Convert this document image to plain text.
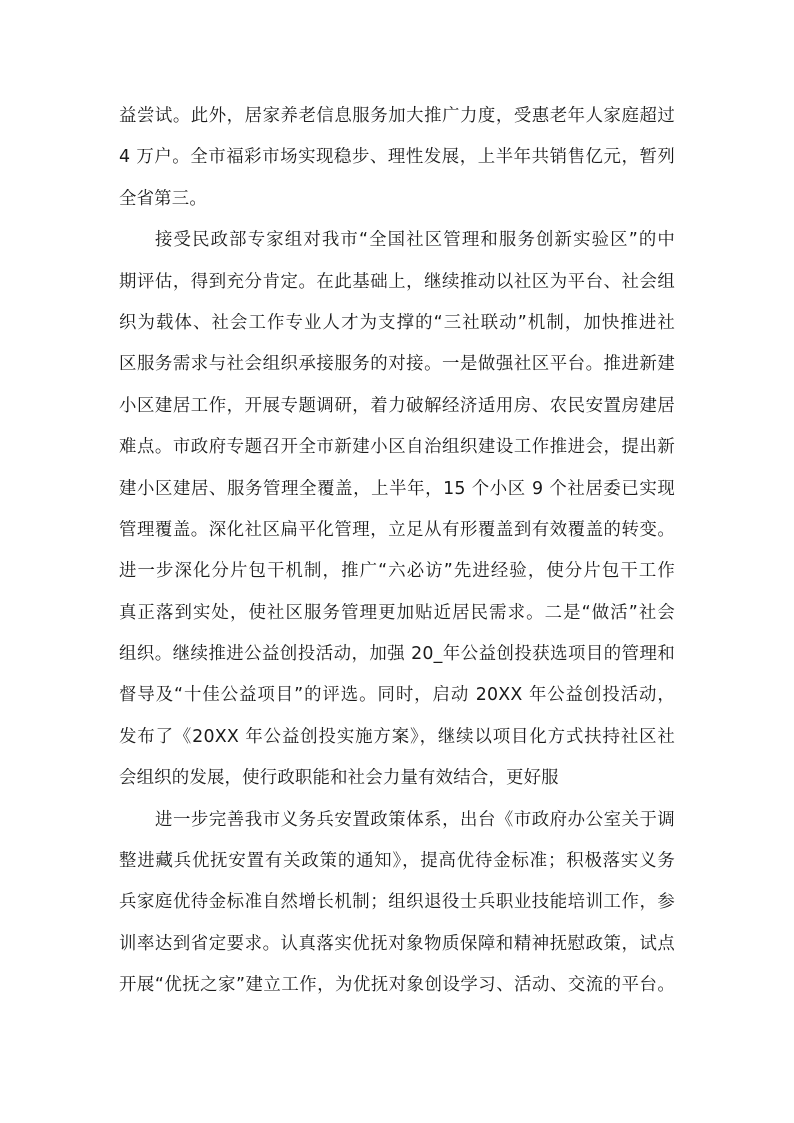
益尝试。此外，居家养老信息服务加大推广力度，受惠老年人家庭超过
4 万户。全市福彩市场实现稳步、理性发展，上半年共销售亿元，暂列
全省第三。
接受民政部专家组对我市“全国社区管理和服务创新实验区”的中
期评估，得到充分肯定。在此基础上，继续推动以社区为平台、社会组
织为载体、社会工作专业人才为支撑的“三社联动”机制，加快推进社
区服务需求与社会组织承接服务的对接。一是做强社区平台。推进新建
小区建居工作，开展专题调研，着力破解经济适用房、农民安置房建居
难点。市政府专题召开全市新建小区自治组织建设工作推进会，提出新
建小区建居、服务管理全覆盖，上半年，15 个小区 9 个社居委已实现
管理覆盖。深化社区扁平化管理，立足从有形覆盖到有效覆盖的转变。
进一步深化分片包干机制，推广“六必访”先进经验，使分片包干工作
真正落到实处，使社区服务管理更加贴近居民需求。二是“做活”社会
组织。继续推进公益创投活动，加强 20_年公益创投获选项目的管理和
督导及“十佳公益项目”的评选。同时，启动 20XX 年公益创投活动，
发布了《20XX 年公益创投实施方案》，继续以项目化方式扶持社区社
会组织的发展，使行政职能和社会力量有效结合，更好服
进一步完善我市义务兵安置政策体系，出台《市政府办公室关于调
整进藏兵优抚安置有关政策的通知》，提高优待金标准；积极落实义务
兵家庭优待金标准自然增长机制；组织退役士兵职业技能培训工作，参
训率达到省定要求。认真落实优抚对象物质保障和精神抚慰政策，试点
开展“优抚之家”建立工作，为优抚对象创设学习、活动、交流的平台。
